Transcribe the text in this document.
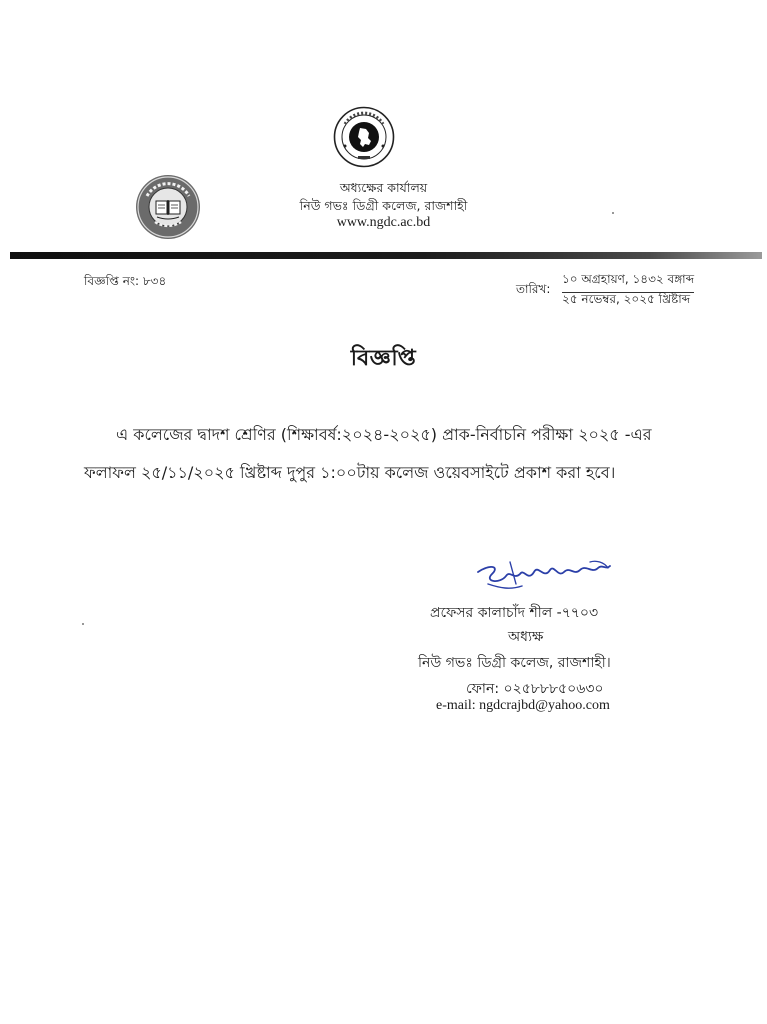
অধ্যক্ষের কার্যালয়
নিউ গভঃ ডিগ্রী কলেজ, রাজশাহী
www.ngdc.ac.bd
বিজ্ঞপ্তি নং: ৮৩৪
তারিখ:
১০ অগ্রহায়ণ, ১৪৩২ বঙ্গাব্দ
২৫ নভেম্বর, ২০২৫ খ্রিষ্টাব্দ
বিজ্ঞপ্তি
এ কলেজের দ্বাদশ শ্রেণির (শিক্ষাবর্ষ:২০২৪-২০২৫) প্রাক-নির্বাচনি পরীক্ষা ২০২৫ -এর
ফলাফল ২৫/১১/২০২৫ খ্রিষ্টাব্দ দুপুর ১:০০টায় কলেজ ওয়েবসাইটে প্রকাশ করা হবে।
প্রফেসর কালাচাঁদ শীল -৭৭০৩
অধ্যক্ষ
নিউ গভঃ ডিগ্রী কলেজ, রাজশাহী।
ফোন: ০২৫৮৮৮৫০৬৩০
e-mail: ngdcrajbd@yahoo.com
